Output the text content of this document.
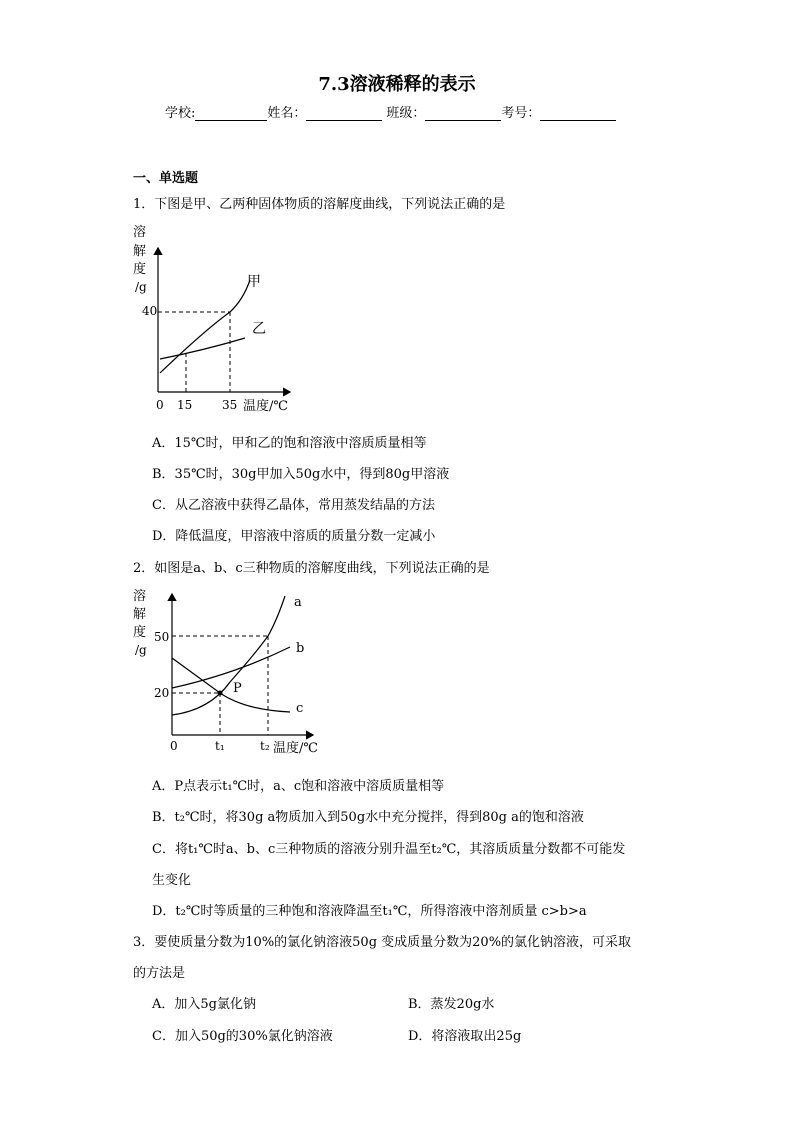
7.3溶液稀释的表示
学校:	姓名：	班级：	考号：
一、单选题
1．下图是甲、乙两种固体物质的溶解度曲线，下列说法正确的是
溶
解
度
/g
40
0 15 35 温度/℃
甲
乙
A．15℃时，甲和乙的饱和溶液中溶质质量相等
B．35℃时，30g甲加入50g水中，得到80g甲溶液
C．从乙溶液中获得乙晶体，常用蒸发结晶的方法
D．降低温度，甲溶液中溶质的质量分数一定减小
2．如图是a、b、c三种物质的溶解度曲线，下列说法正确的是
溶
解
度
/g
50
20
0	t₁	t₂ 温度/℃
P
a
b
c
A．P点表示t₁℃时，a、c饱和溶液中溶质质量相等
B．t₂℃时，将30g a物质加入到50g水中充分搅拌，得到80g a的饱和溶液
C．将t₁℃时a、b、c三种物质的溶液分别升温至t₂℃，其溶质质量分数都不可能发
生变化
D．t₂℃时等质量的三种饱和溶液降温至t₁℃，所得溶液中溶剂质量 c>b>a
3．要使质量分数为10%的氯化钠溶液50g 变成质量分数为20%的氯化钠溶液，可采取
的方法是
A．加入5g氯化钠	B．蒸发20g水
C．加入50g的30%氯化钠溶液	D．将溶液取出25g
